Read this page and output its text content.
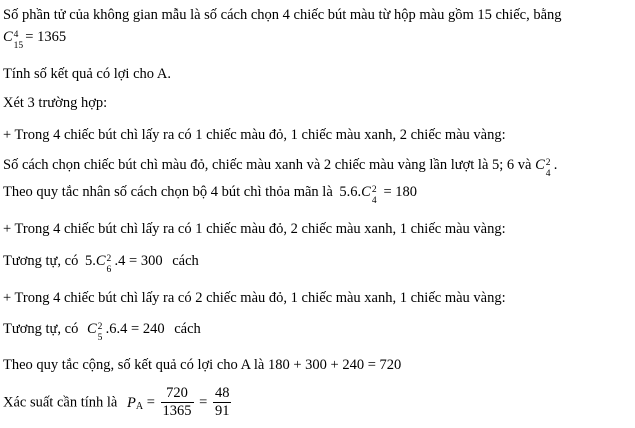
Số phần tử của không gian mẫu là số cách chọn 4 chiếc bút màu từ hộp màu gồm 15 chiếc, bằng
C 4
15
= 1365
Tính số kết quả có lợi cho A.
Xét 3 trường hợp:
+ Trong 4 chiếc bút chì lấy ra có 1 chiếc màu đỏ, 1 chiếc màu xanh, 2 chiếc màu vàng:
Số cách chọn chiếc bút chì màu đỏ, chiếc màu xanh và 2 chiếc màu vàng lần lượt là 5; 6 và C 2
4
.
Theo quy tắc nhân số cách chọn bộ 4 bút chì thỏa mãn là 5.6.C 2
4
= 180
+ Trong 4 chiếc bút chì lấy ra có 1 chiếc màu đỏ, 2 chiếc màu xanh, 1 chiếc màu vàng:
Tương tự, có 5.C 2
6
.4 = 300 cách
+ Trong 4 chiếc bút chì lấy ra có 2 chiếc màu đỏ, 1 chiếc màu xanh, 1 chiếc màu vàng:
Tương tự, có C 2
5
.6.4 = 240 cách
Theo quy tắc cộng, số kết quả có lợi cho A là 180 + 300 + 240 = 720
Xác suất cần tính là $P_A = \frac{720}{1365} = \frac{48}{91}$
